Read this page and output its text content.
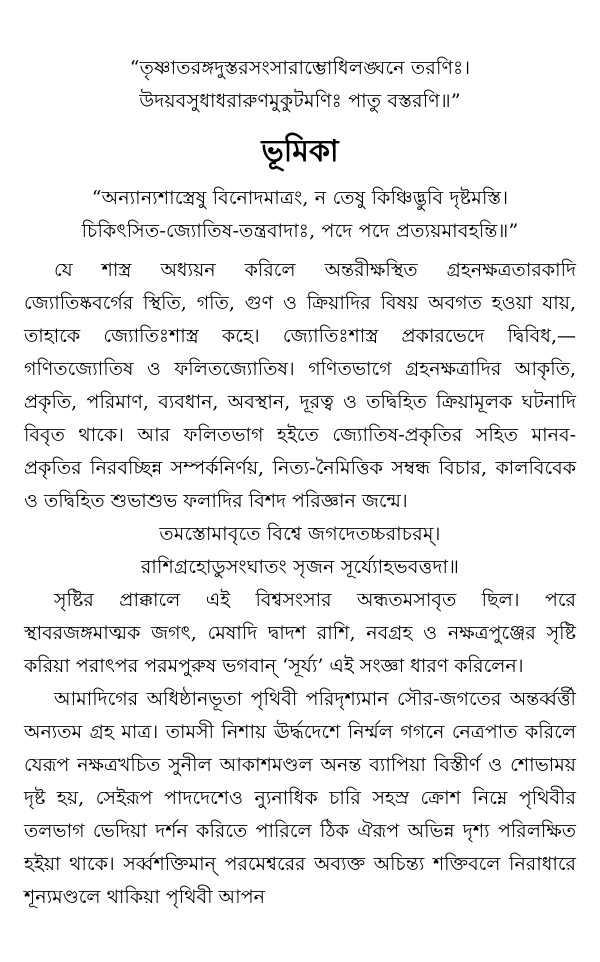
“তৃষ্ণাতরঙ্গদুস্তরসংসারাম্ভোধিলঙ্ঘনে তরণিঃ।
উদয়বসুধাধরারুণমুকুটমণিঃ পাতু বস্তরণি॥”
ভূমিকা
“অন্যান্যশাস্ত্রেষু বিনোদমাত্রং, ন তেষু কিঞ্চিদ্ভুবি দৃষ্টমস্তি।
চিকিৎসিত-জ্যোতিষ-তন্ত্রবাদাঃ, পদে পদে প্রত্যয়মাবহন্তি॥”

যে শাস্ত্র অধ্যয়ন করিলে অন্তরীক্ষস্থিত গ্রহনক্ষত্রতারকাদি জ্যোতিষ্কবর্গের স্থিতি, গতি, গুণ ও ক্রিয়াদির বিষয় অবগত হওয়া যায়, তাহাকে জ্যোতিঃশাস্ত্র কহে। জ্যোতিঃশাস্ত্র প্রকারভেদে দ্বিবিধ,—গণিতজ্যোতিষ ও ফলিতজ্যোতিষ। গণিতভাগে গ্রহনক্ষত্রাদির আকৃতি, প্রকৃতি, পরিমাণ, ব্যবধান, অবস্থান, দূরত্ব ও তদ্বিহিত ক্রিয়ামূলক ঘটনাদি বিবৃত থাকে। আর ফলিতভাগ হইতে জ্যোতিষ-প্রকৃতির সহিত মানব-প্রকৃতির নিরবচ্ছিন্ন সম্পর্কনির্ণয়, নিত্য-নৈমিত্তিক সম্বন্ধ বিচার, কালবিবেক ও তদ্বিহিত শুভাশুভ ফলাদির বিশদ পরিজ্ঞান জন্মে।

তমস্তোমাবৃতে বিশ্বে জগদেতচ্চরাচরম্।
রাশিগ্রহোডুসংঘাতং সৃজন সূর্য্যোহভবত্তদা॥

সৃষ্টির প্রাক্কালে এই বিশ্বসংসার অন্ধতমসাবৃত ছিল। পরে স্থাবরজঙ্গমাত্মক জগৎ, মেষাদি দ্বাদশ রাশি, নবগ্রহ ও নক্ষত্রপুঞ্জের সৃষ্টি করিয়া পরাৎপর পরমপুরুষ ভগবান্ ‘সূর্য্য’ এই সংজ্ঞা ধারণ করিলেন।

আমাদিগের অধিষ্ঠানভূতা পৃথিবী পরিদৃশ্যমান সৌর-জগতের অন্তর্ব্বর্ত্তী অন্যতম গ্রহ মাত্র। তামসী নিশায় ঊর্দ্ধদেশে নির্ম্মল গগনে নেত্রপাত করিলে যেরূপ নক্ষত্রখচিত সুনীল আকাশমণ্ডল অনন্ত ব্যাপিয়া বিস্তীর্ণ ও শোভাময় দৃষ্ট হয়, সেইরূপ পাদদেশেও ন্যুনাধিক চারি সহস্র ক্রোশ নিম্নে পৃথিবীর তলভাগ ভেদিয়া দর্শন করিতে পারিলে ঠিক ঐরূপ অভিন্ন দৃশ্য পরিলক্ষিত হইয়া থাকে। সর্ব্বশক্তিমান্ পরমেশ্বরের অব্যক্ত অচিন্ত্য শক্তিবলে নিরাধারে শূন্যমণ্ডলে থাকিয়া পৃথিবী আপন
